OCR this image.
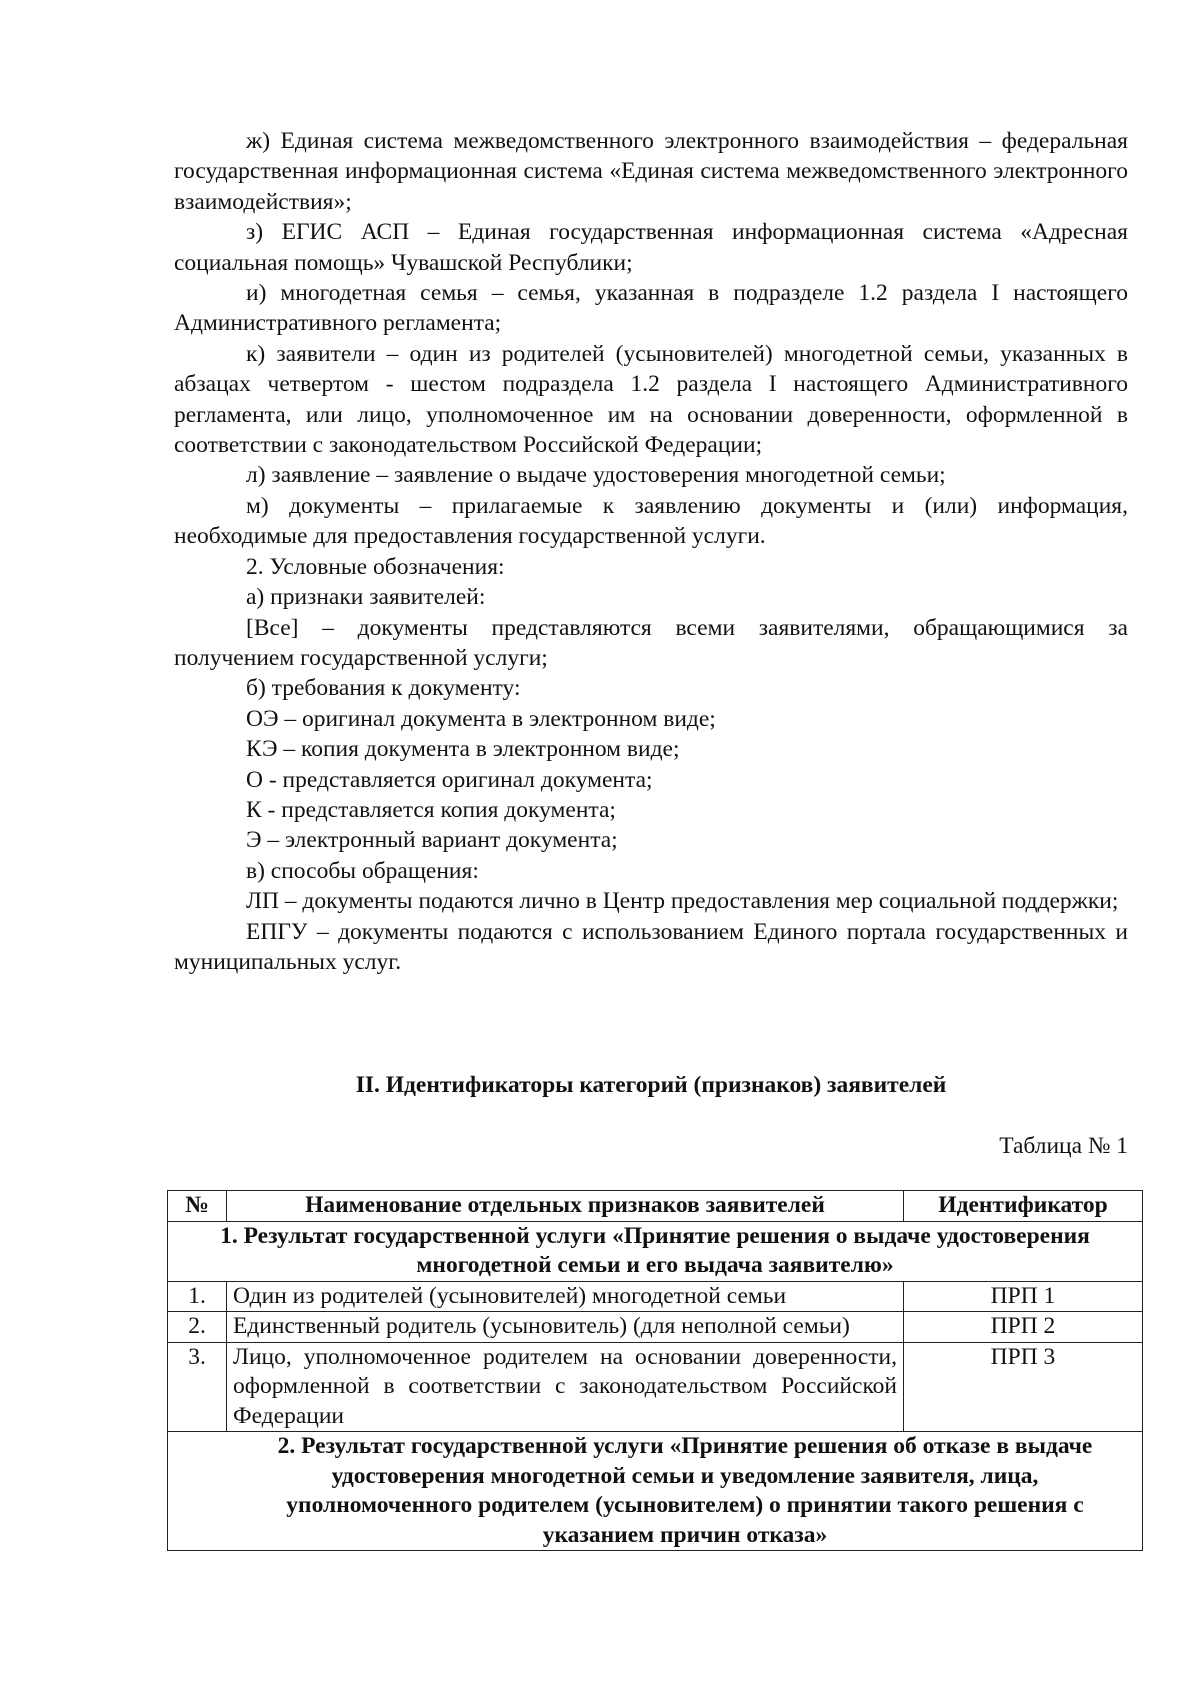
ж) Единая система межведомственного электронного взаимодействия – федеральная государственная информационная система «Единая система межведомственного электронного взаимодействия»;

з) ЕГИС АСП – Единая государственная информационная система «Адресная социальная помощь» Чувашской Республики;

и) многодетная семья – семья, указанная в подразделе 1.2 раздела I настоящего Административного регламента;

к) заявители – один из родителей (усыновителей) многодетной семьи, указанных в абзацах четвертом - шестом подраздела 1.2 раздела I настоящего Административного регламента, или лицо, уполномоченное им на основании доверенности, оформленной в соответствии с законодательством Российской Федерации;

л) заявление – заявление о выдаче удостоверения многодетной семьи;

м) документы – прилагаемые к заявлению документы и (или) информация, необходимые для предоставления государственной услуги.

2. Условные обозначения:

а) признаки заявителей:

[Все] – документы представляются всеми заявителями, обращающимися за получением государственной услуги;

б) требования к документу:

ОЭ – оригинал документа в электронном виде;

КЭ – копия документа в электронном виде;

О - представляется оригинал документа;

К - представляется копия документа;

Э – электронный вариант документа;

в) способы обращения:

ЛП – документы подаются лично в Центр предоставления мер социальной поддержки;

ЕПГУ – документы подаются с использованием Единого портала государственных и муниципальных услуг.

II. Идентификаторы категорий (признаков) заявителей
Таблица № 1
№	Наименование отдельных признаков заявителей	Идентификатор
1. Результат государственной услуги «Принятие решения о выдаче удостоверения многодетной семьи и его выдача заявителю»		
1.	Один из родителей (усыновителей) многодетной семьи	ПРП 1
2.	Единственный родитель (усыновитель) (для неполной семьи)	ПРП 2
3.	Лицо, уполномоченное родителем на основании доверенности, оформленной в соответствии с законодательством Российской Федерации	ПРП 3
2. Результат государственной услуги «Принятие решения об отказе в выдаче удостоверения многодетной семьи и уведомление заявителя, лица, уполномоченного родителем (усыновителем) о принятии такого решения с указанием причин отказа»		
